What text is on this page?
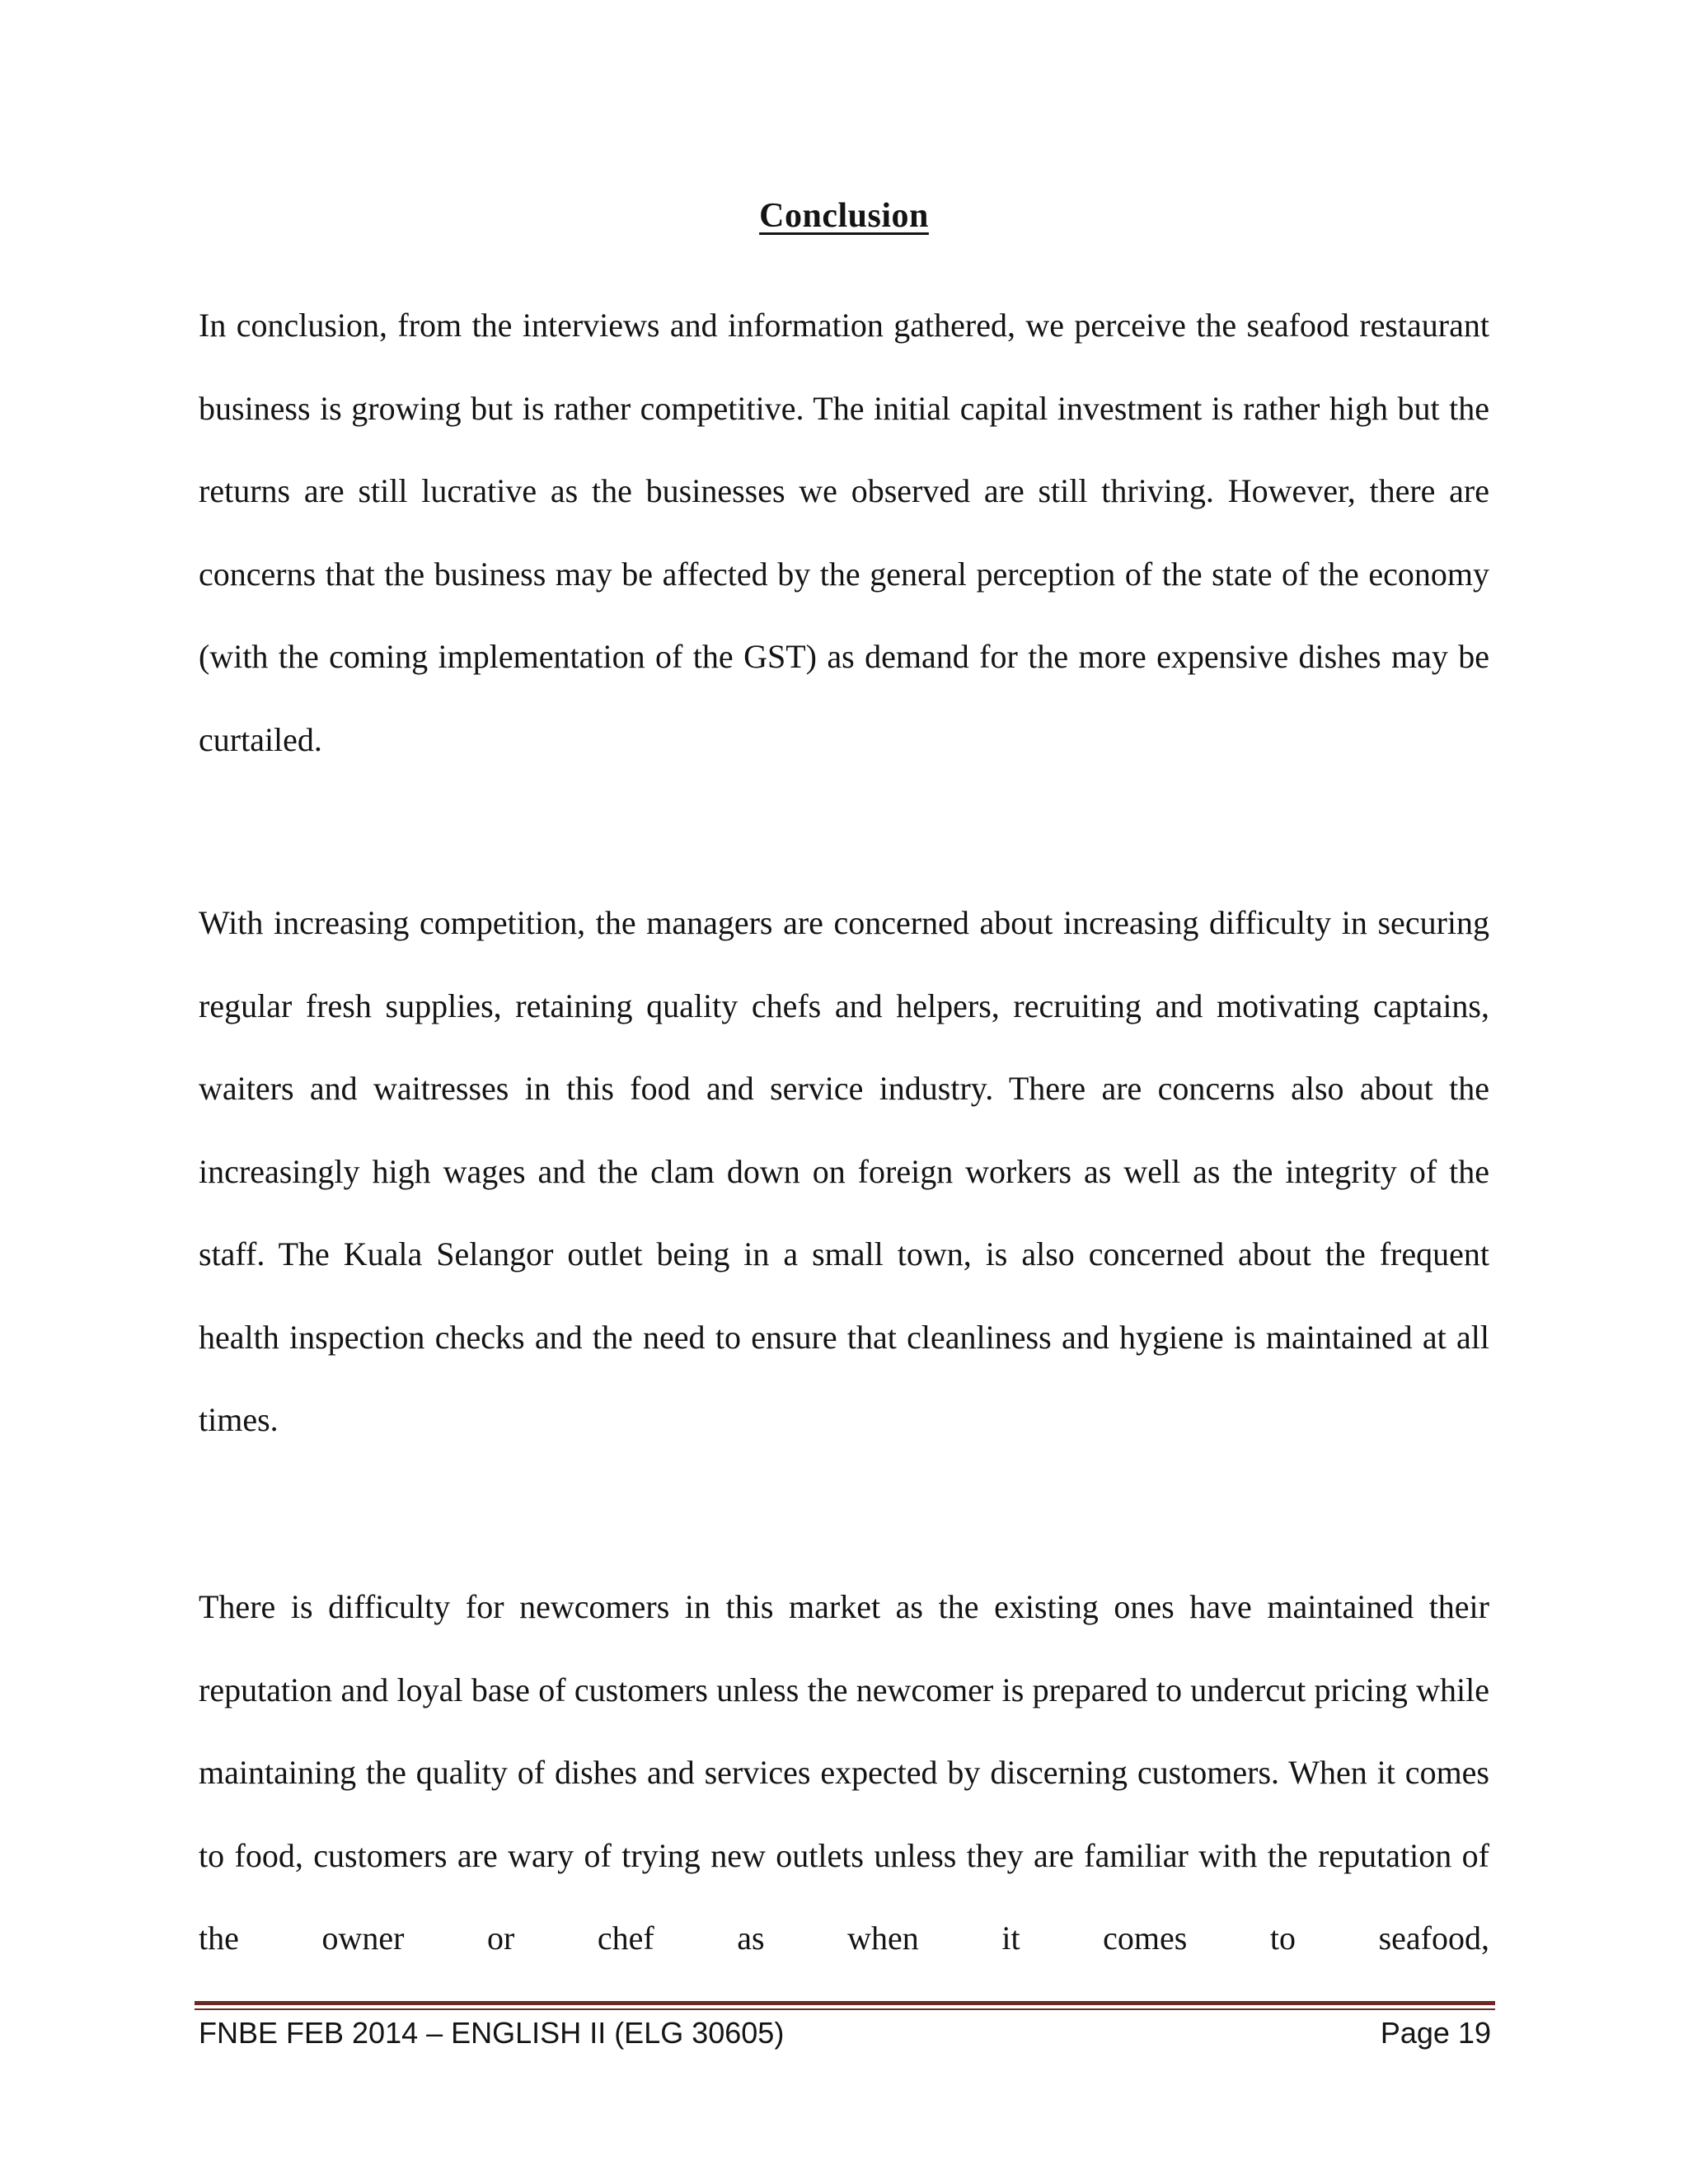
Conclusion

In conclusion, from the interviews and information gathered, we perceive the seafood restaurant business is growing but is rather competitive. The initial capital investment is rather high but the returns are still lucrative as the businesses we observed are still thriving. However, there are concerns that the business may be affected by the general perception of the state of the economy (with the coming implementation of the GST) as demand for the more expensive dishes may be curtailed.

With increasing competition, the managers are concerned about increasing difficulty in securing regular fresh supplies, retaining quality chefs and helpers, recruiting and motivating captains, waiters and waitresses in this food and service industry. There are concerns also about the increasingly high wages and the clam down on foreign workers as well as the integrity of the staff. The Kuala Selangor outlet being in a small town, is also concerned about the frequent health inspection checks and the need to ensure that cleanliness and hygiene is maintained at all times.

There is difficulty for newcomers in this market as the existing ones have maintained their reputation and loyal base of customers unless the newcomer is prepared to undercut pricing while maintaining the quality of dishes and services expected by discerning customers. When it comes to food, customers are wary of trying new outlets unless they are familiar with the reputation of the owner or chef as when it comes to seafood,

FNBE FEB 2014 – ENGLISH II (ELG 30605)	Page 19
